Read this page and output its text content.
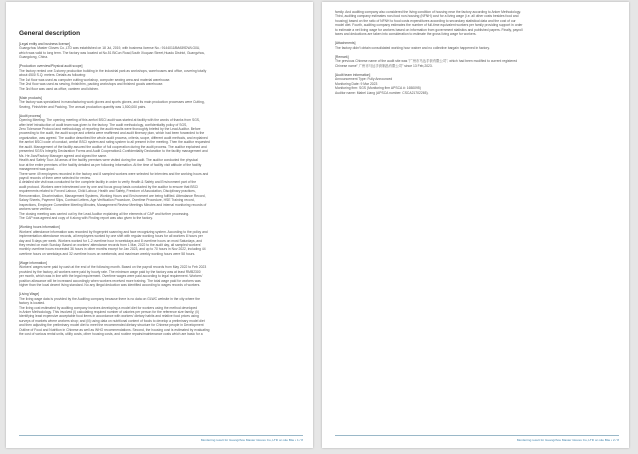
General description
[Legal entity and business license]
Guangzhou Master Gloves Co.,LTD was established on 18 Jul, 2019, with business license No.: 91440118MA59DWLG0U,
which was valid to long term. The factory was located at No.51 BiCun Road,South Xiuquan Street,Huadu District, Guangzhou,
Guangdong, China.
[Production overview/Physical audit scope]
The factory rented one 3-storey production building in the industrial park as workshops, warehouses and office, covering totally
about 4500 S.Q. meters. Details as following:
The 1st floor was used as computer cutting workshop, computer sewing area and material warehouse.
The 2nd floor was used as sewing, finish/trim, packing workshops and finished goods warehouse.
The 3rd floor was used as office, canteen and kitchen.
[Main products]
The factory was specialized in manufacturing work gloves and sports gloves, and its main production processes were Cutting,
Sewing, Finish/trim and Packing. The annual production quantity was 1,500,000 pairs.
[Audit process]
Opening Meeting: The opening meeting of this amfori BSCI audit was started at facility with the words of thanks from SGS,
after brief introduction of audit team was given to the factory. The audit methodology, confidentiality policy of SGS,
Zero Tolerance Protocol and methodology of reporting the audit results were thoroughly briefed by the Lead Auditor. Before
proceeding to the audit, the audit scope and criteria were reaffirmed and audit itinerary plan, which had been forwarded to the
organization, was agreed. The auditor described the whole audit process, criteria, scope, different audit methods, and explained
the amfori BSCI code of conduct, amfori BSCI system and rating system to all present in the meeting. Then the auditor requested
the audit. Management of the facility assured the auditor of full cooperation during the audit process. The auditor explained and
presented SGS's Integrity Declaration Forms and Audit Cooperation& Confidentiality Declaration to the facility management and
Ms. He Jian/Factory Manager agreed and signed the same.
Health and Safety Tour: All areas of the facility premises were visited during the audit. The auditor conducted the physical
tour at the entire premises of the facility detailed as per following information. At the time of facility visit attitude of the facility
management was good.
There were 49 employees recorded in the factory and 8 sampled workers were selected for interview and the working hours and
payroll records of them were selected for review.
A detailed site visit was conducted for the complete facility in order to verify Health & Safety and Environment part of the
audit protocol. Workers were interviewed one by one and focus group basis conducted by the auditor to ensure that BSCI
requirements related to Forced Labour, Child Labour, Health and Safety, Freedom of Association, Disciplinary practices,
Remuneration, Discrimination, Management Systems, Working Hours and Environment are being fulfilled. Attendance Record,
Salary Sheets, Payment Slips, Contract Letters, Age Verification Procedure, Overtime Procedure, HSE Training record,
Inspections, Employee Committee Meeting Minutes, Management Review Meetings Minutes and internal monitoring records of
workers were verified.
The closing meeting was carried out by the Lead Auditor explaining all the elements of CAP and further processing.
The CAP was agreed and copy of it along with Finding report was also given to the factory.
[Working hours information]
Workers' attendance information was recorded by fingerprint scanning and face recognizing system. According to the policy and
implementation attendance records, all employees worked by one shift with regular working hours for all workers 8 hours per
day and 5 days per week. Workers worked for 1-2 overtime hour in weekdays and 8 overtime hours on most Saturdays, and
they rested on each Sunday. Based on workers' attendance records from 1 Mar, 2022 to the audit day, all sampled workers'
monthly overtime hours exceeded 36 hours in other months except for Jan 2023, and up to 70 hours in Nov 2022, including 44
overtime hours on weekdays and 32 overtime hours on weekends; and maximum weekly working hours were 58 hours.
[Wage information]
Workers' wages were paid by cash at the end of the following month. Based on the payroll records from May 2022 to Feb 2023
provided by the factory, all workers were paid by hourly rate. The minimum wage paid by the factory was at least RMB2300
per month, which was in line with the legal requirement. Overtime wages were paid according to legal requirement. Workers'
position allowance will be increased accordingly when workers received more training. The total wage paid for workers was
higher than the local decent living standard. No any illegal deduction was identified according to wages records of workers.
[Living Wage]
The living wage data is provided by the Auditing company because there is no data on GLWC website in the city where the
factory is located.
The living cost estimated by auditing company involves developing a model diet for workers using the method developed
in Anker Methodology. This involved (i) calculating required number of calories per person for the reference size family; (ii)
Identifying least expensive acceptable food items in accordance with workers' dietary habits and relative food prices using
surveys of markets where workers shop; and (iii) using data on nutritional content of foods to develop a preliminary model diet
and then adjusting the preliminary model diet to meet the recommended dietary structure for Chinese people in Development
Outline of Food and Nutrition in Chinese as well as WHO recommendations. Second, the housing cost is estimated by evaluating
the cost of various rental units, utility costs, other housing costs, and routine repairs/maintenance costs which are basic for a
Monitoring result for Guangzhou Master Gloves Co.,LTD on site Bite • 1 / 8
family. And auditing company also considered the living condition of housing near the factory according to Anker Methodology.
Third, auditing company estimates non-food non-housing (NFNH) cost for a living wage (i.e. all other costs besides food and
housing) based on the ratio of NFNH to food costs expenditures according to secondary statistical data and the cost of our
model diet. Fourth, auditing company estimates the number of full-time equivalent workers per family providing support in order
to estimate a net living wage for workers based on information from government statistics and published papers. Finally, payroll
taxes and deductions are taken into consideration to estimate the gross living wage for workers.
[Attachments]
The factory didn't obtain consolidated working hour waiver and no collective bargain happened in factory.
[Remark]
The previous Chinese name of the audit site was "广州市马达手套有限公司", which had been modified to current registered
Chinese name" 广州市马达手套制品有限公司" since 13 Feb,2023.
[Audit team information]
Announcement Type: Fully Announced
Monitoring Date: 9 Mar 2023
Monitoring firm: SGS (Monitoring firm APSCA #: 1650095)
Auditor name: Mabel Liang (APSCA number: CSCA21702265).
Monitoring result for Guangzhou Master Gloves Co.,LTD on site Bite • 2 / 8
